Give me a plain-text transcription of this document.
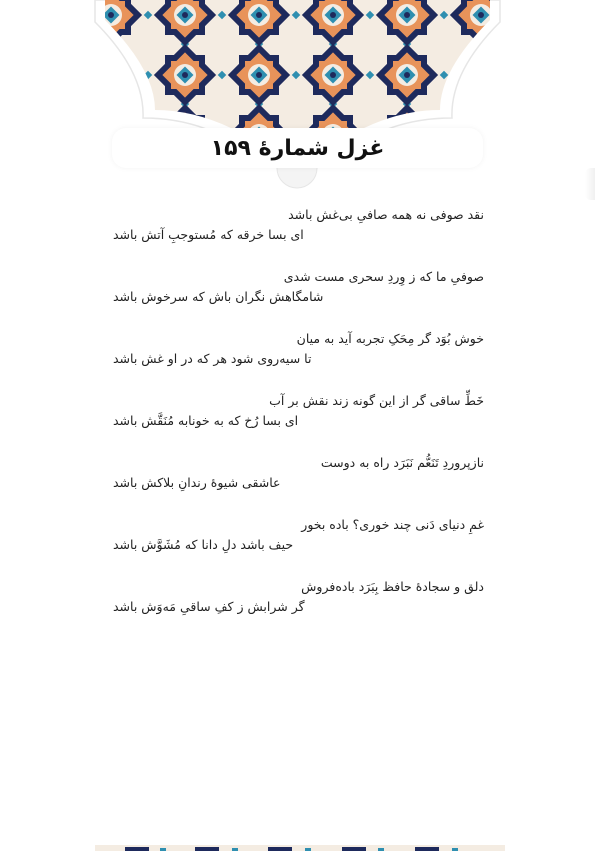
غزل شمارهٔ ۱۵۹
نقد صوفی نه همه صافیِ بی‌غش باشد
ای بسا خرقه که مُستوجبِ آتش باشد
صوفیِ ما که ز وِردِ سحری مست شدی
شامگاهش نگران باش که سرخوش باشد
خوش بُوَد گر مِحَکِ تجربه آید به میان
تا سیه‌روی شود هر که در او غش باشد
خَطِّ ساقی گر از این گونه زند نقش بر آب
ای بسا رُخ که به خونابه مُنَقَّش باشد
نازپروردِ تَنَعُّم نَبَرَد راه به دوست
عاشقی شیوهٔ رندانِ بلاکش باشد
غمِ دنیای دَنی چند خوری؟ باده بخور
حیف باشد دلِ دانا که مُشَوَّش باشد
دلق و سجادهٔ حافظ بِبَرَد باده‌فروش
گر شرابش ز کفِ ساقیِ مَه‌وَش باشد
